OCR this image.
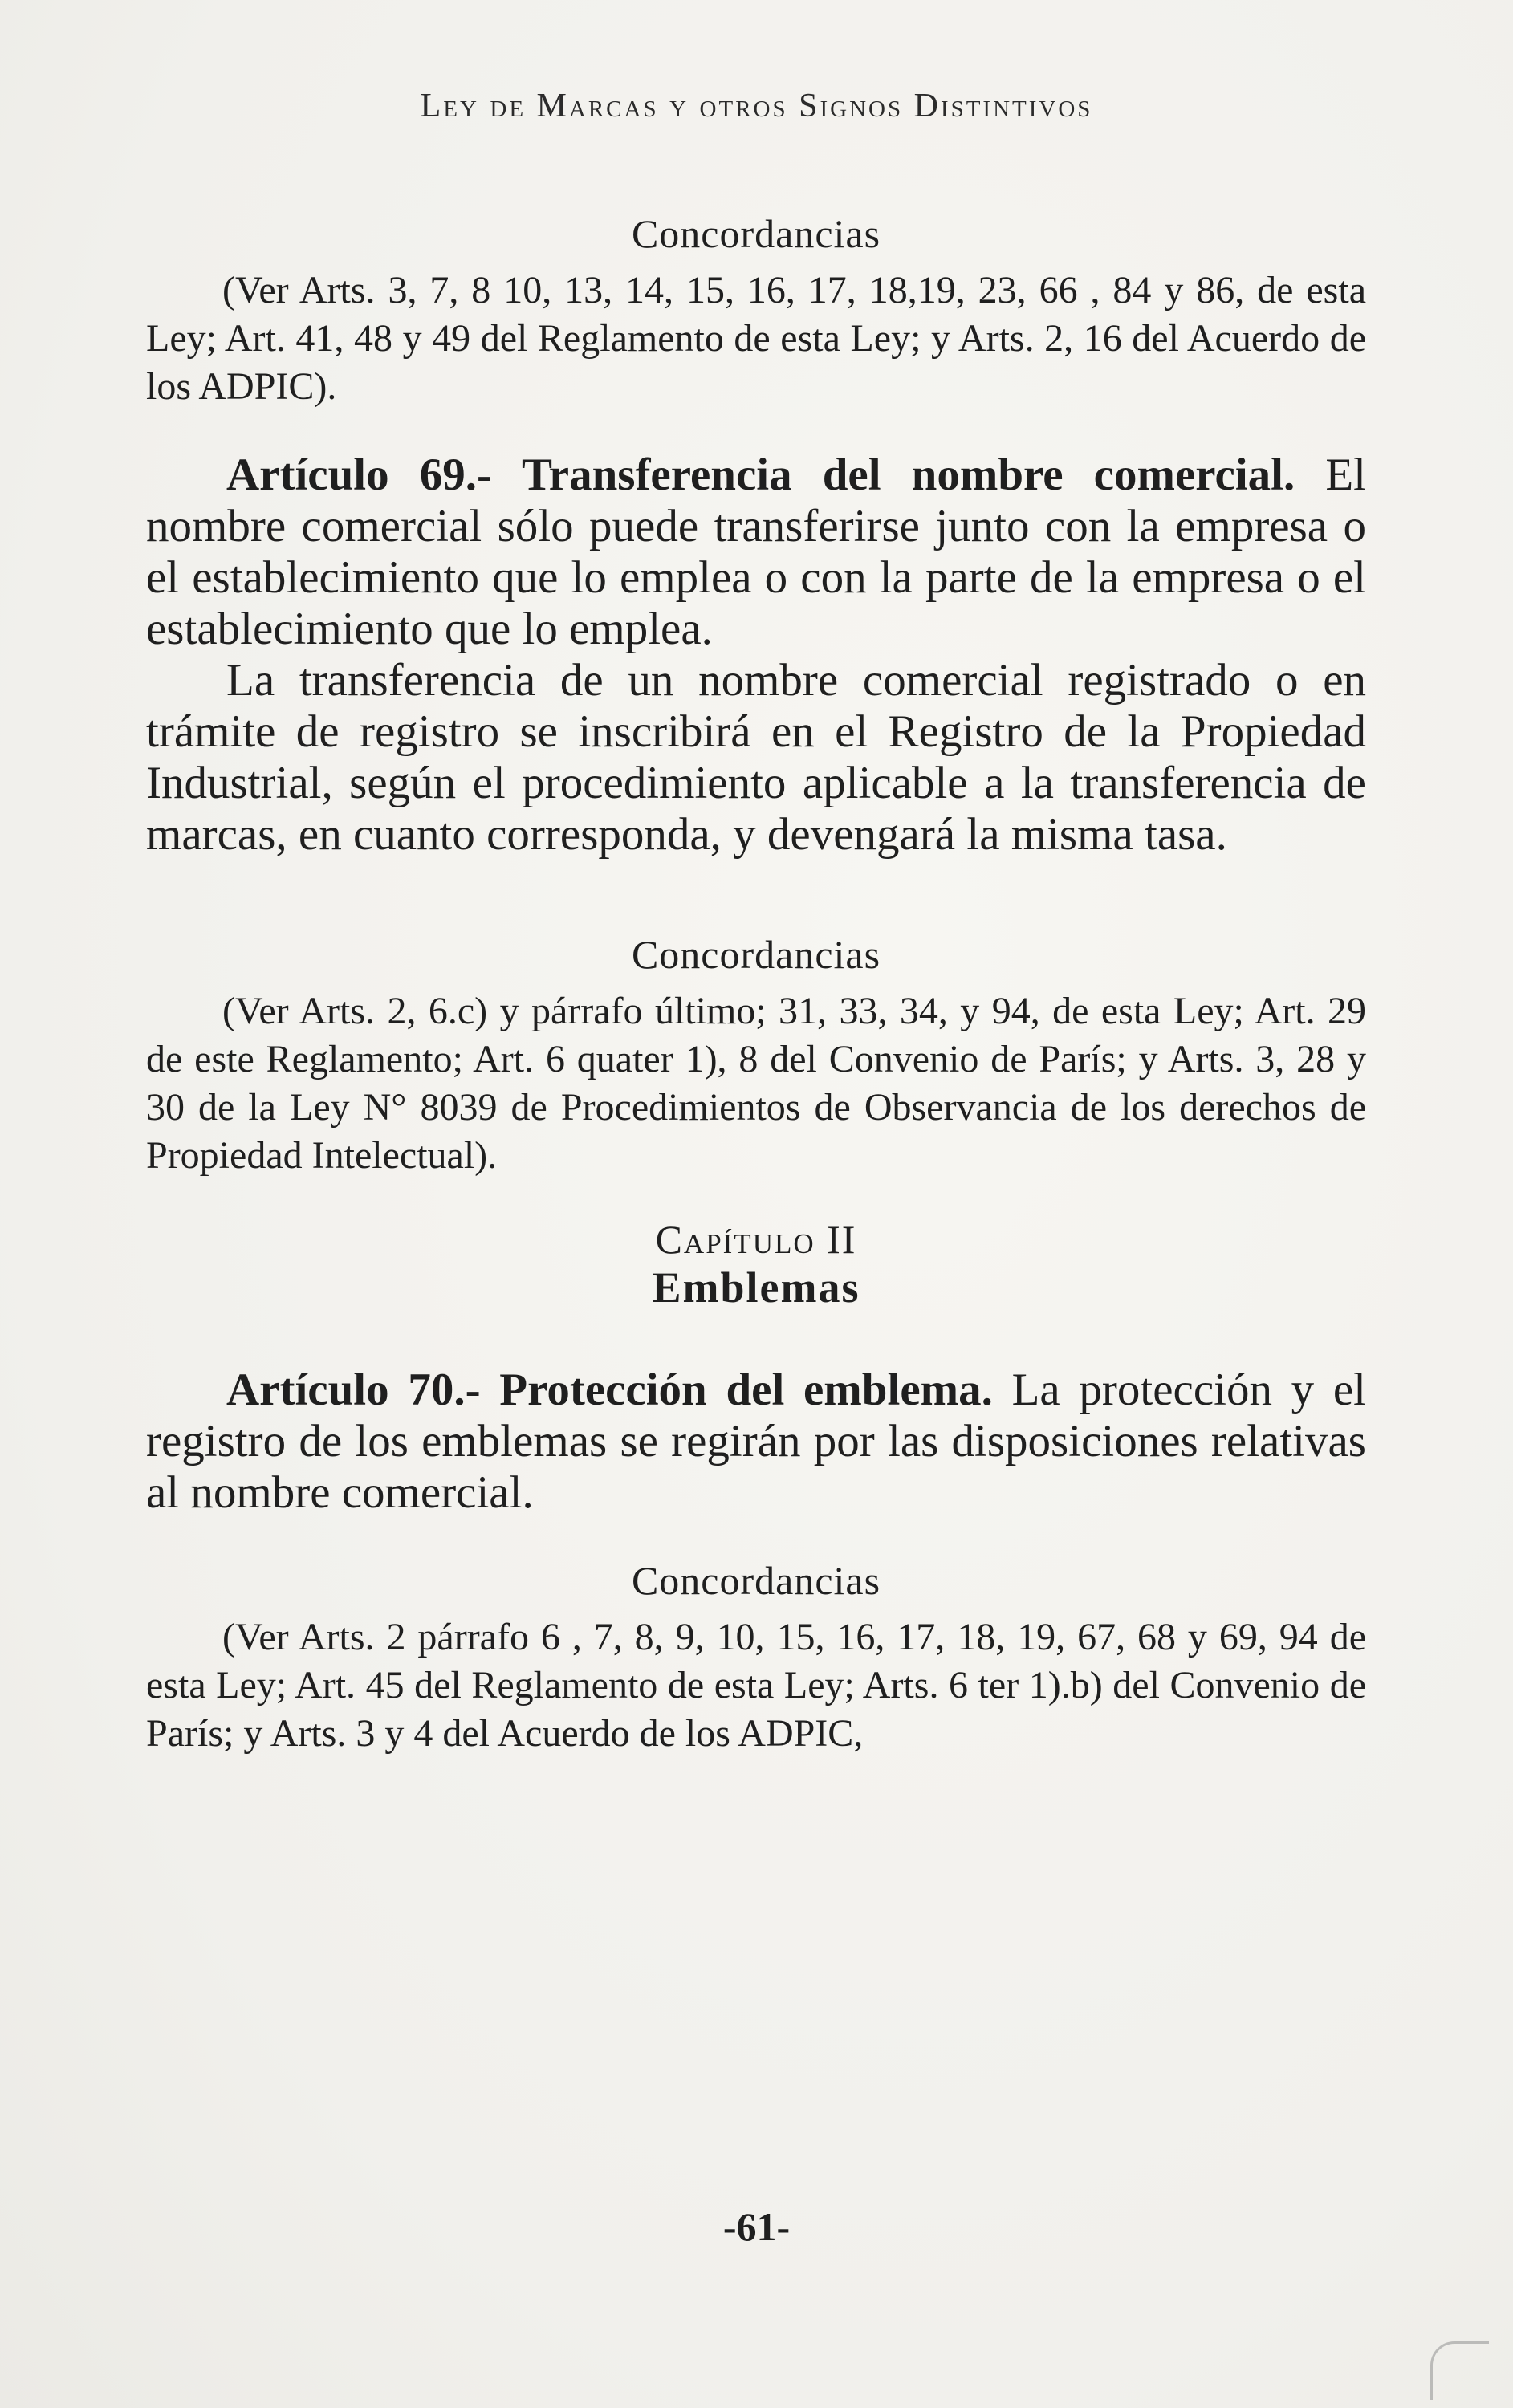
Ley de Marcas y otros Signos Distintivos

Concordancias

(Ver Arts. 3, 7, 8 10, 13, 14, 15, 16, 17, 18,19, 23, 66 , 84 y 86, de esta Ley; Art. 41, 48 y 49 del Reglamento de esta Ley; y Arts. 2, 16 del Acuerdo de los ADPIC).

Artículo 69.- Transferencia del nombre comercial. El nombre comercial sólo puede transferirse junto con la empresa o el establecimiento que lo emplea o con la parte de la empresa o el establecimiento que lo emplea.

La transferencia de un nombre comercial registrado o en trámite de registro se inscribirá en el Registro de la Propiedad Industrial, según el procedimiento aplicable a la transferencia de marcas, en cuanto corresponda, y devengará la misma tasa.

Concordancias

(Ver Arts. 2, 6.c) y párrafo último; 31, 33, 34, y 94, de esta Ley; Art. 29 de este Reglamento; Art. 6 quater 1), 8 del Convenio de París; y Arts. 3, 28 y 30 de la Ley N° 8039 de Procedimientos de Observancia de los derechos de Propiedad Intelectual).

Capítulo II

Emblemas

Artículo 70.- Protección del emblema. La protección y el registro de los emblemas se regirán por las disposiciones relativas al nombre comercial.

Concordancias

(Ver Arts. 2 párrafo 6 , 7, 8, 9, 10, 15, 16, 17, 18, 19, 67, 68 y 69, 94 de esta Ley; Art. 45 del Reglamento de esta Ley; Arts. 6 ter 1).b) del Convenio de París; y Arts. 3 y 4 del Acuerdo de los ADPIC,

-61-
